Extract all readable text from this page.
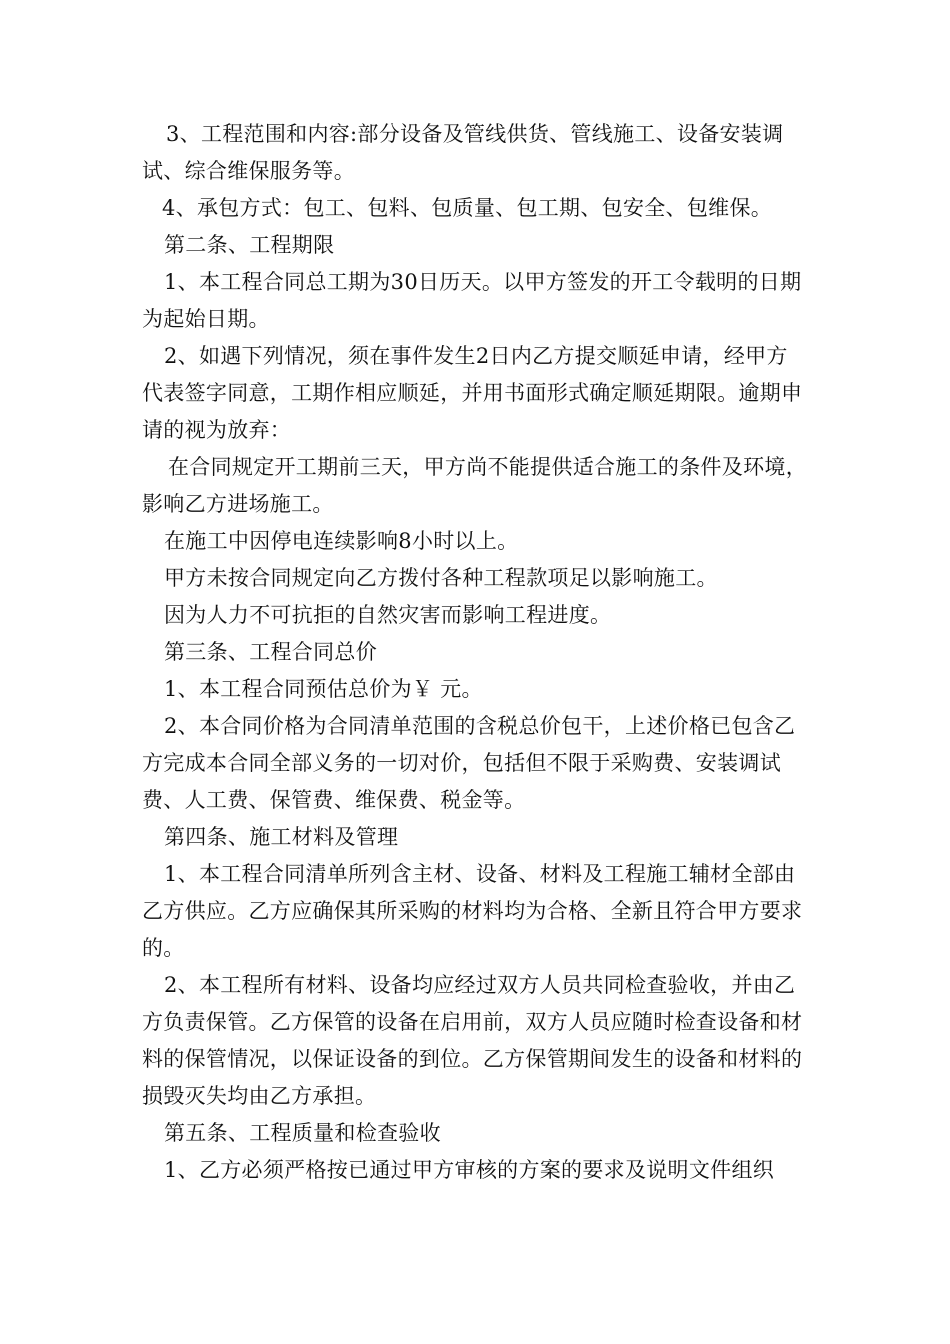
3、工程范围和内容:部分设备及管线供货、管线施工、设备安装调试、综合维保服务等。

4、承包方式：包工、包料、包质量、包工期、包安全、包维保。

第二条、工程期限

1、本工程合同总工期为30日历天。以甲方签发的开工令载明的日期为起始日期。

2、如遇下列情况，须在事件发生2日内乙方提交顺延申请，经甲方代表签字同意，工期作相应顺延，并用书面形式确定顺延期限。逾期申请的视为放弃：

在合同规定开工期前三天，甲方尚不能提供适合施工的条件及环境，影响乙方进场施工。

在施工中因停电连续影响8小时以上。

甲方未按合同规定向乙方拨付各种工程款项足以影响施工。

因为人力不可抗拒的自然灾害而影响工程进度。

第三条、工程合同总价

1、本工程合同预估总价为￥ 元。

2、本合同价格为合同清单范围的含税总价包干，上述价格已包含乙方完成本合同全部义务的一切对价，包括但不限于采购费、安装调试费、人工费、保管费、维保费、税金等。

第四条、施工材料及管理

1、本工程合同清单所列含主材、设备、材料及工程施工辅材全部由乙方供应。乙方应确保其所采购的材料均为合格、全新且符合甲方要求的。

2、本工程所有材料、设备均应经过双方人员共同检查验收，并由乙方负责保管。乙方保管的设备在启用前，双方人员应随时检查设备和材料的保管情况，以保证设备的到位。乙方保管期间发生的设备和材料的损毁灭失均由乙方承担。

第五条、工程质量和检查验收

1、乙方必须严格按已通过甲方审核的方案的要求及说明文件组织
